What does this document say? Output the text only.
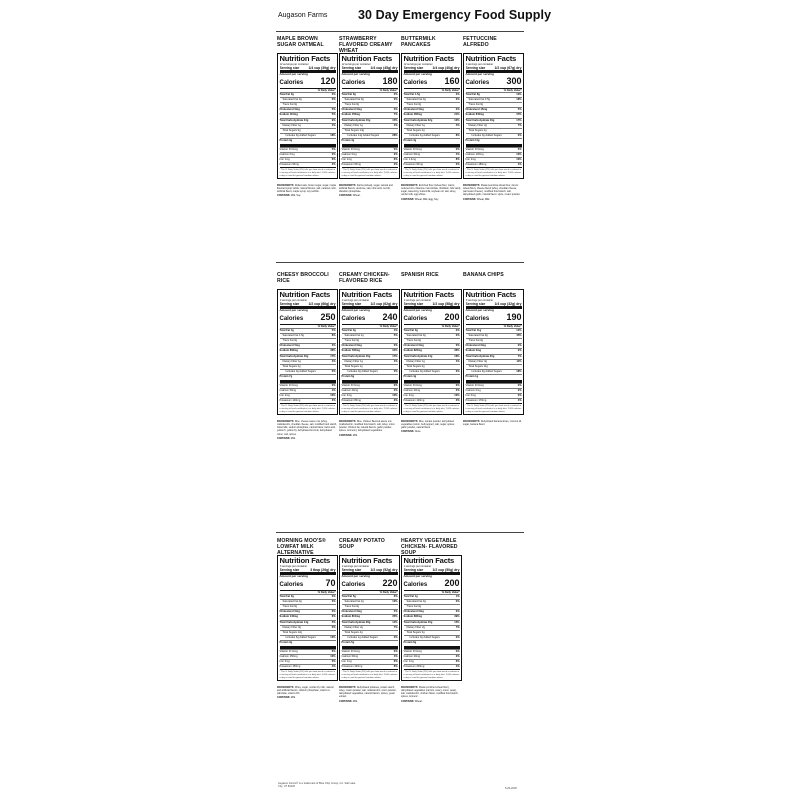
Augason Farms 30 Day Emergency Food Supply
MAPLE BROWN SUGAR OATMEAL
Nutrition Facts
12 servings per container
Serving size	1/4 cup (39g) dry
Amount per serving
Calories 120
% Daily Value*
Total Fat 2g	3%
Saturated Fat 0g	0%
Trans Fat 0g
Cholesterol 0mg	0%
Sodium 110mg	5%
Total Carbohydrate 24g	9%
Dietary Fiber 1g	4%
Total Sugars 9g
Includes 9g Added Sugars	18%
Protein 3g
Vitamin D 0mcg	0%
Calcium 0mg	0%
Iron 1mg	6%
Potassium 90mg	2%
* The % Daily Value (DV) tells you how much a nutrient in a serving of food contributes to a daily diet. 2,000 calories a day is used for general nutrition advice.
INGREDIENTS: Rolled oats, brown sugar, sugar, maple flavored syrup solids, natural flavors, salt, caramel color, artificial flavor, maple syrup, soy lecithin.
CONTAINS: Milk, Soy.
STRAWBERRY FLAVORED CREAMY WHEAT
Nutrition Facts
12 servings per container
Serving size	1/4 cup (45g) dry
Amount per serving
Calories 180
% Daily Value*
Total Fat 0g	0%
Saturated Fat 0g	0%
Trans Fat 0g
Cholesterol 0mg	0%
Sodium 150mg	7%
Total Carbohydrate 40g	15%
Dietary Fiber 1g	4%
Total Sugars 14g
Includes 14g Added Sugars	28%
Protein 4g
Vitamin D 0mcg	0%
Calcium 0mg	0%
Iron 1mg	6%
Potassium 60mg	2%
* The % Daily Value (DV) tells you how much a nutrient in a serving of food contributes to a daily diet. 2,000 calories a day is used for general nutrition advice.
INGREDIENTS: Farina (wheat), sugar, natural and artificial flavors, dextrose, salt, citric acid, red 40, disodium phosphate.
CONTAINS: Wheat.
BUTTERMILK PANCAKES
Nutrition Facts
12 servings per container
Serving size	1/4 cup (40g) dry
Amount per serving
Calories 160
% Daily Value*
Total Fat 1.5g	2%
Saturated Fat 0g	0%
Trans Fat 0g
Cholesterol 0mg	0%
Sodium 480mg	21%
Total Carbohydrate 32g	12%
Dietary Fiber 1g	4%
Total Sugars 4g
Includes 4g Added Sugars	8%
Protein 4g
Vitamin D 0mcg	0%
Calcium 60mg	4%
Iron 1.4mg	8%
Potassium 60mg	2%
* The % Daily Value (DV) tells you how much a nutrient in a serving of food contributes to a daily diet. 2,000 calories a day is used for general nutrition advice.
INGREDIENTS: Enriched flour (wheat flour, niacin, reduced iron, thiamine mononitrate, riboflavin, folic acid), sugar, leavening, buttermilk, soybean oil, salt, whey, nonfat milk, egg whites.
CONTAINS: Wheat, Milk, Egg, Soy.
FETTUCCINE ALFREDO
Nutrition Facts
4 servings per container
Serving size	1/2 cup (67g) dry
Amount per serving
Calories 300
% Daily Value*
Total Fat 8g	10%
Saturated Fat 3.5g	18%
Trans Fat 0g
Cholesterol 15mg	5%
Sodium 840mg	37%
Total Carbohydrate 46g	17%
Dietary Fiber 2g	7%
Total Sugars 4g
Includes 0g Added Sugars	0%
Protein 11g
Vitamin D 0mcg	0%
Calcium 130mg	10%
Iron 2mg	10%
Potassium 180mg	4%
* The % Daily Value (DV) tells you how much a nutrient in a serving of food contributes to a daily diet. 2,000 calories a day is used for general nutrition advice.
INGREDIENTS: Pasta (semolina wheat flour, durum wheat flour), cheese blend (whey, cheddar cheese, parmesan cheese), modified food starch, salt, dehydrated garlic, natural flavor, spice, cream powder.
CONTAINS: Wheat, Milk.
CHEESY BROCCOLI RICE
Nutrition Facts
4 servings per container
Serving size	1/2 cup (66g) dry
Amount per serving
Calories 250
% Daily Value*
Total Fat 4g	5%
Saturated Fat 1.5g	8%
Trans Fat 0g
Cholesterol 5mg	2%
Sodium 830mg	36%
Total Carbohydrate 46g	17%
Dietary Fiber 1g	4%
Total Sugars 2g
Includes 0g Added Sugars	0%
Protein 7g
Vitamin D 0mcg	0%
Calcium 60mg	4%
Iron 2mg	10%
Potassium 140mg	2%
* The % Daily Value (DV) tells you how much a nutrient in a serving of food contributes to a daily diet. 2,000 calories a day is used for general nutrition advice.
INGREDIENTS: Rice, cheese sauce mix (whey, maltodextrin, cheddar cheese, salt, modified food starch, buttermilk, sodium phosphate, natural flavor, lactic acid, yellow 5, yellow 6), dehydrated broccoli, dehydrated onion, salt, spices.
CONTAINS: Milk.
CREAMY CHICKEN-FLAVORED RICE
Nutrition Facts
4 servings per container
Serving size	1/2 cup (62g) dry
Amount per serving
Calories 240
% Daily Value*
Total Fat 3g	4%
Saturated Fat 1g	5%
Trans Fat 0g
Cholesterol 0mg	0%
Sodium 790mg	34%
Total Carbohydrate 46g	17%
Dietary Fiber 1g	4%
Total Sugars 1g
Includes 0g Added Sugars	0%
Protein 6g
Vitamin D 0mcg	0%
Calcium 20mg	2%
Iron 2mg	10%
Potassium 80mg	2%
* The % Daily Value (DV) tells you how much a nutrient in a serving of food contributes to a daily diet. 2,000 calories a day is used for general nutrition advice.
INGREDIENTS: Rice, chicken flavored sauce mix (maltodextrin, modified food starch, salt, whey, onion powder, chicken fat, natural flavors, garlic powder, spices, turmeric), dehydrated vegetables.
CONTAINS: Milk.
SPANISH RICE
Nutrition Facts
4 servings per container
Serving size	1/2 cup (58g) dry
Amount per serving
Calories 200
% Daily Value*
Total Fat 0g	0%
Saturated Fat 0g	0%
Trans Fat 0g
Cholesterol 0mg	0%
Sodium 820mg	36%
Total Carbohydrate 44g	16%
Dietary Fiber 1g	4%
Total Sugars 2g
Includes 0g Added Sugars	0%
Protein 4g
Vitamin D 0mcg	0%
Calcium 20mg	2%
Iron 2mg	10%
Potassium 120mg	2%
* The % Daily Value (DV) tells you how much a nutrient in a serving of food contributes to a daily diet. 2,000 calories a day is used for general nutrition advice.
INGREDIENTS: Rice, tomato powder, dehydrated vegetables (onion, bell pepper), salt, sugar, spices, garlic powder, natural flavor.
CONTAINS: None.
BANANA CHIPS
Nutrition Facts
8 servings per container
Serving size	1/4 cup (32g) dry
Amount per serving
Calories 190
% Daily Value*
Total Fat 11g	14%
Saturated Fat 9g	45%
Trans Fat 0g
Cholesterol 0mg	0%
Sodium 0mg	0%
Total Carbohydrate 20g	7%
Dietary Fiber 3g	11%
Total Sugars 11g
Includes 9g Added Sugars	18%
Protein 1g
Vitamin D 0mcg	0%
Calcium 0mg	0%
Iron 0mg	0%
Potassium 170mg	4%
* The % Daily Value (DV) tells you how much a nutrient in a serving of food contributes to a daily diet. 2,000 calories a day is used for general nutrition advice.
INGREDIENTS: Dehydrated banana slices, coconut oil, sugar, banana flavor.
MORNING MOO'S® LOWFAT MILK ALTERNATIVE
Nutrition Facts
8 servings per container
Serving size	3 tbsp (26g) dry
Amount per serving
Calories 70
% Daily Value*
Total Fat 0g	0%
Saturated Fat 0g	0%
Trans Fat 0g
Cholesterol 0mg	0%
Sodium 140mg	6%
Total Carbohydrate 14g	5%
Dietary Fiber 0g	0%
Total Sugars 12g
Includes 6g Added Sugars	12%
Protein 3g
Vitamin D 1mcg	6%
Calcium 150mg	10%
Iron 0mg	0%
Potassium 150mg	4%
* The % Daily Value (DV) tells you how much a nutrient in a serving of food contributes to a daily diet. 2,000 calories a day is used for general nutrition advice.
INGREDIENTS: Whey, sugar, nonfat dry milk, natural and artificial flavors, calcium phosphate, vitamin A palmitate, vitamin D3.
CONTAINS: Milk.
CREAMY POTATO SOUP
Nutrition Facts
4 servings per container
Serving size	1/2 cup (52g) dry
Amount per serving
Calories 220
% Daily Value*
Total Fat 5g	6%
Saturated Fat 2g	10%
Trans Fat 0g
Cholesterol 0mg	0%
Sodium 810mg	35%
Total Carbohydrate 38g	14%
Dietary Fiber 2g	7%
Total Sugars 4g
Includes 1g Added Sugars	2%
Protein 5g
Vitamin D 0mcg	0%
Calcium 60mg	4%
Iron 1mg	6%
Potassium 420mg	8%
* The % Daily Value (DV) tells you how much a nutrient in a serving of food contributes to a daily diet. 2,000 calories a day is used for general nutrition advice.
INGREDIENTS: Dehydrated potatoes, potato starch, whey, cream powder, salt, maltodextrin, onion powder, dehydrated vegetables, natural flavors, spices, yeast extract.
CONTAINS: Milk.
HEARTY VEGETABLE CHICKEN- FLAVORED SOUP
Nutrition Facts
4 servings per container
Serving size	1/2 cup (50g) dry
Amount per serving
Calories 200
% Daily Value*
Total Fat 1g	1%
Saturated Fat 0g	0%
Trans Fat 0g
Cholesterol 0mg	0%
Sodium 890mg	39%
Total Carbohydrate 40g	15%
Dietary Fiber 2g	7%
Total Sugars 3g
Includes 0g Added Sugars	0%
Protein 6g
Vitamin D 0mcg	0%
Calcium 20mg	2%
Iron 1mg	6%
Potassium 200mg	4%
* The % Daily Value (DV) tells you how much a nutrient in a serving of food contributes to a daily diet. 2,000 calories a day is used for general nutrition advice.
INGREDIENTS: Pasta (enriched wheat flour), dehydrated vegetables (carrots, celery, onion, peas), salt, maltodextrin, chicken flavor, modified food starch, spices, turmeric.
CONTAINS: Wheat.
Augason Farms® is a trademark of Blue Chip Group, Inc. Salt Lake City, UT 84120
5-20-2020
